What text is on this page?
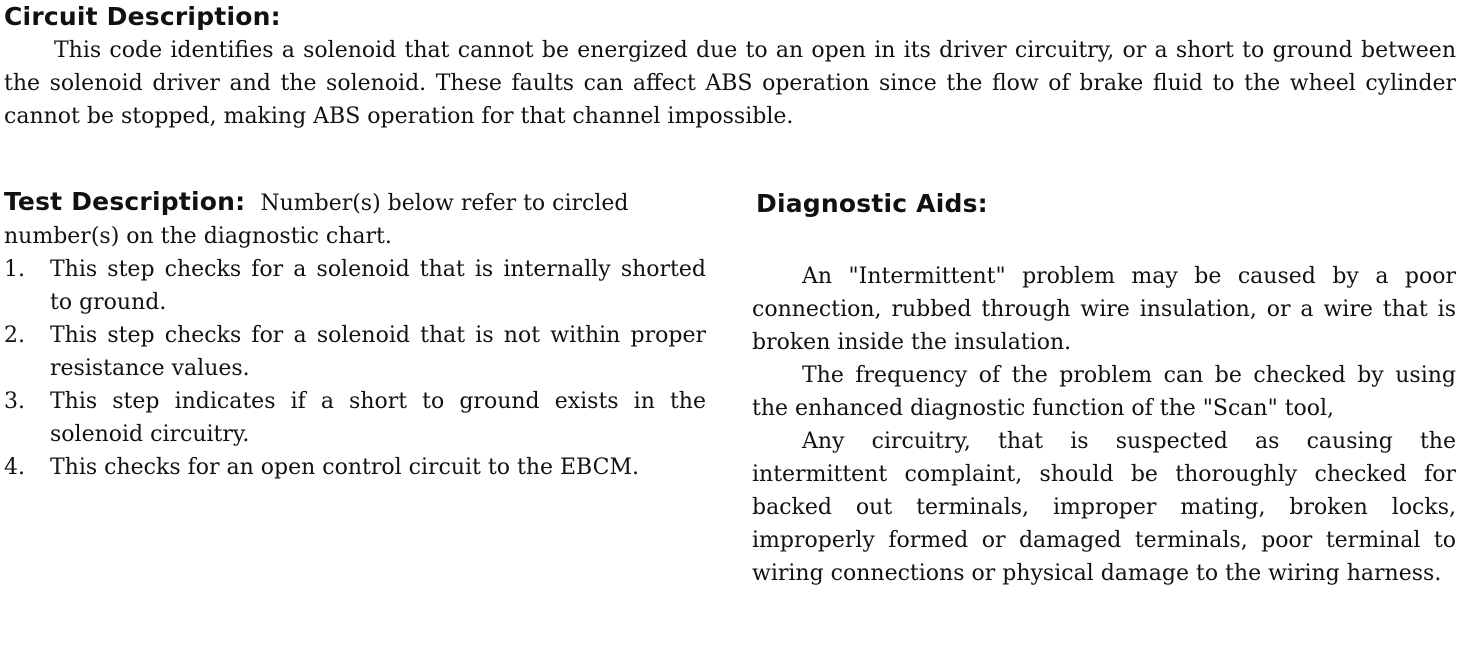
Circuit Description:
This code identifies a solenoid that cannot be energized due to an open in its driver circuitry, or a short to ground between the solenoid driver and the solenoid. These faults can affect ABS operation since the flow of brake fluid to the wheel cylinder cannot be stopped, making ABS operation for that channel impossible.
Test Description: Number(s) below refer to circled number(s) on the diagnostic chart.
1. This step checks for a solenoid that is internally shorted to ground.
2. This step checks for a solenoid that is not within proper resistance values.
3. This step indicates if a short to ground exists in the solenoid circuitry.
4. This checks for an open control circuit to the EBCM.
Diagnostic Aids:

An "Intermittent" problem may be caused by a poor connection, rubbed through wire insulation, or a wire that is broken inside the insulation.

The frequency of the problem can be checked by using the enhanced diagnostic function of the "Scan" tool,

Any circuitry, that is suspected as causing the intermittent complaint, should be thoroughly checked for backed out terminals, improper mating, broken locks, improperly formed or damaged terminals, poor terminal to wiring connections or physical damage to the wiring harness.
